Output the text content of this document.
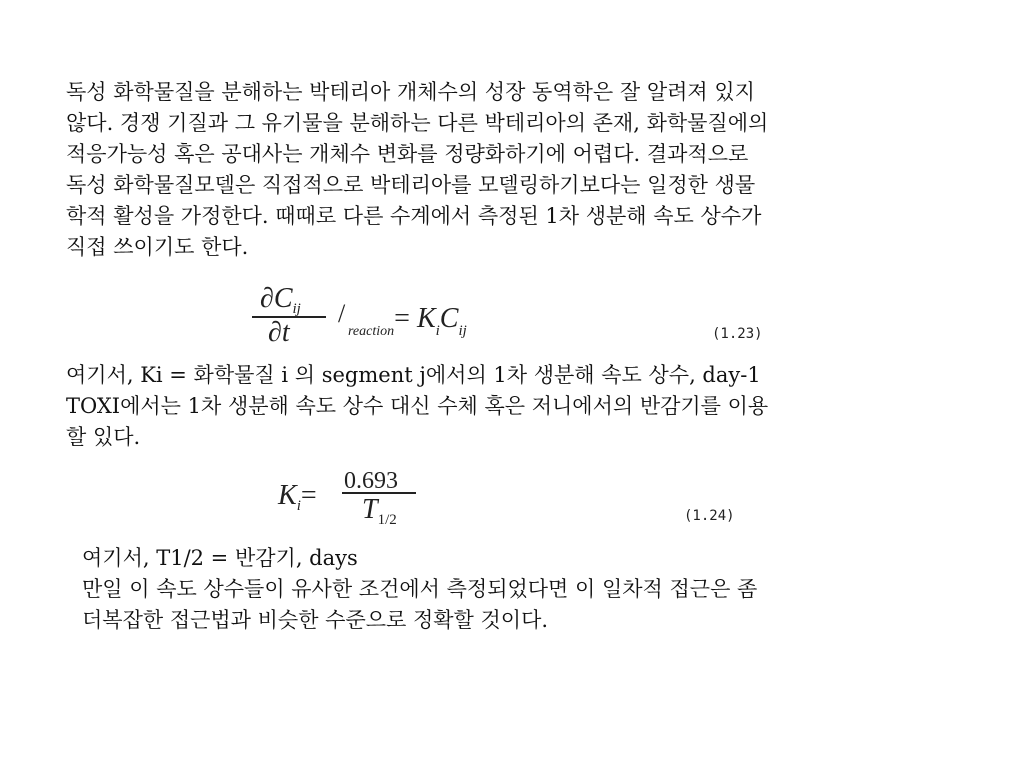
독성 화학물질을 분해하는 박테리아 개체수의 성장 동역학은 잘 알려져 있지
않다. 경쟁 기질과 그 유기물을 분해하는 다른 박테리아의 존재, 화학물질에의
적응가능성 혹은 공대사는 개체수 변화를 정량화하기에 어렵다. 결과적으로
독성 화학물질모델은 직접적으로 박테리아를 모델링하기보다는 일정한 생물
학적 활성을 가정한다. 때때로 다른 수계에서 측정된 1차 생분해 속도 상수가
직접 쓰이기도 한다.
$\partial C_{ij}$
∂t
/
$_{reaction}= K_iC_{ij}$	(1.23)
여기서, Ki = 화학물질 i 의 segment j에서의 1차 생분해 속도 상수, day-1
TOXI에서는 1차 생분해 속도 상수 대신 수체 혹은 저니에서의 반감기를 이용
할 있다.
$K_i= 0.693$
$T_{1/2}$	(1.24)
여기서, T1/2 = 반감기, days
만일 이 속도 상수들이 유사한 조건에서 측정되었다면 이 일차적 접근은 좀
더복잡한 접근법과 비슷한 수준으로 정확할 것이다.
